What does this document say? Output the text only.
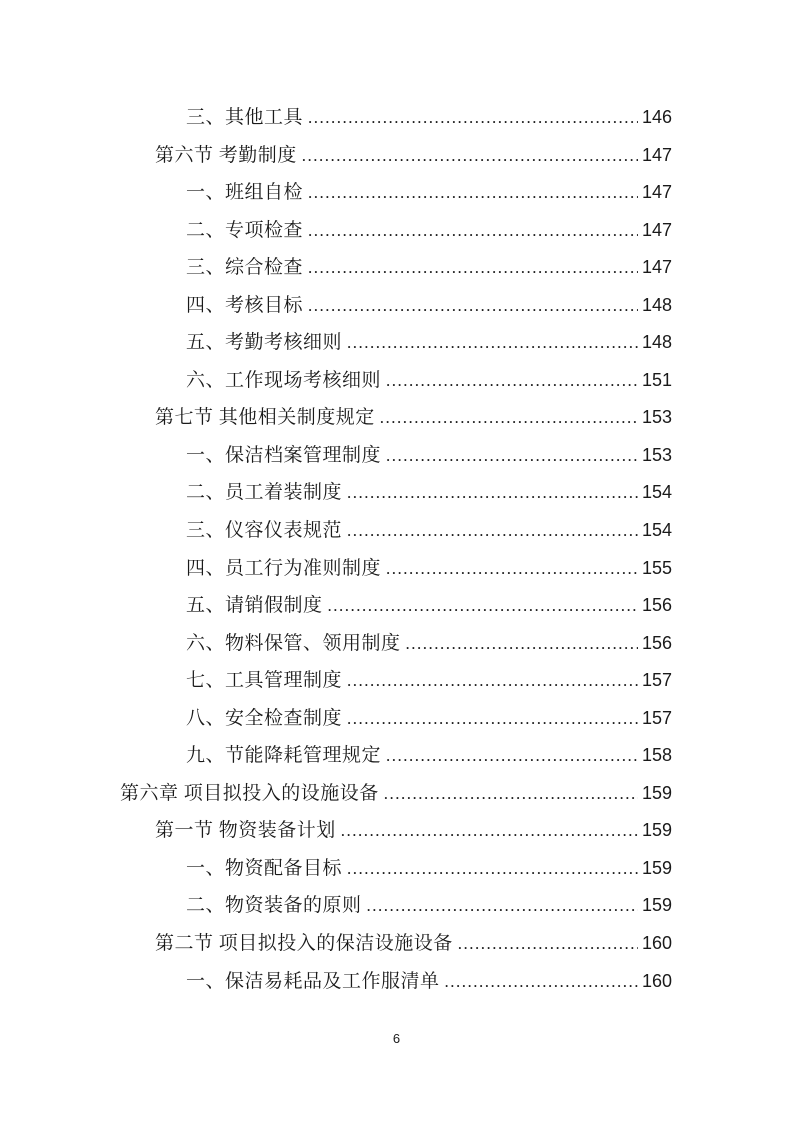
三、其他工具 .....	146
第六节 考勤制度 .....	147
一、班组自检 .....	147
二、专项检查 .....	147
三、综合检查 .....	147
四、考核目标 .....	148
五、考勤考核细则 .....	148
六、工作现场考核细则 .....	151
第七节 其他相关制度规定 .....	153
一、保洁档案管理制度 .....	153
二、员工着装制度 .....	154
三、仪容仪表规范 .....	154
四、员工行为准则制度 .....	155
五、请销假制度 .....	156
六、物料保管、领用制度 .....	156
七、工具管理制度 .....	157
八、安全检查制度 .....	157
九、节能降耗管理规定 .....	158
第六章 项目拟投入的设施设备 .....	159
第一节 物资装备计划 .....	159
一、物资配备目标 .....	159
二、物资装备的原则 .....	159
第二节 项目拟投入的保洁设施设备 .....	160
一、保洁易耗品及工作服清单 .....	160
6
